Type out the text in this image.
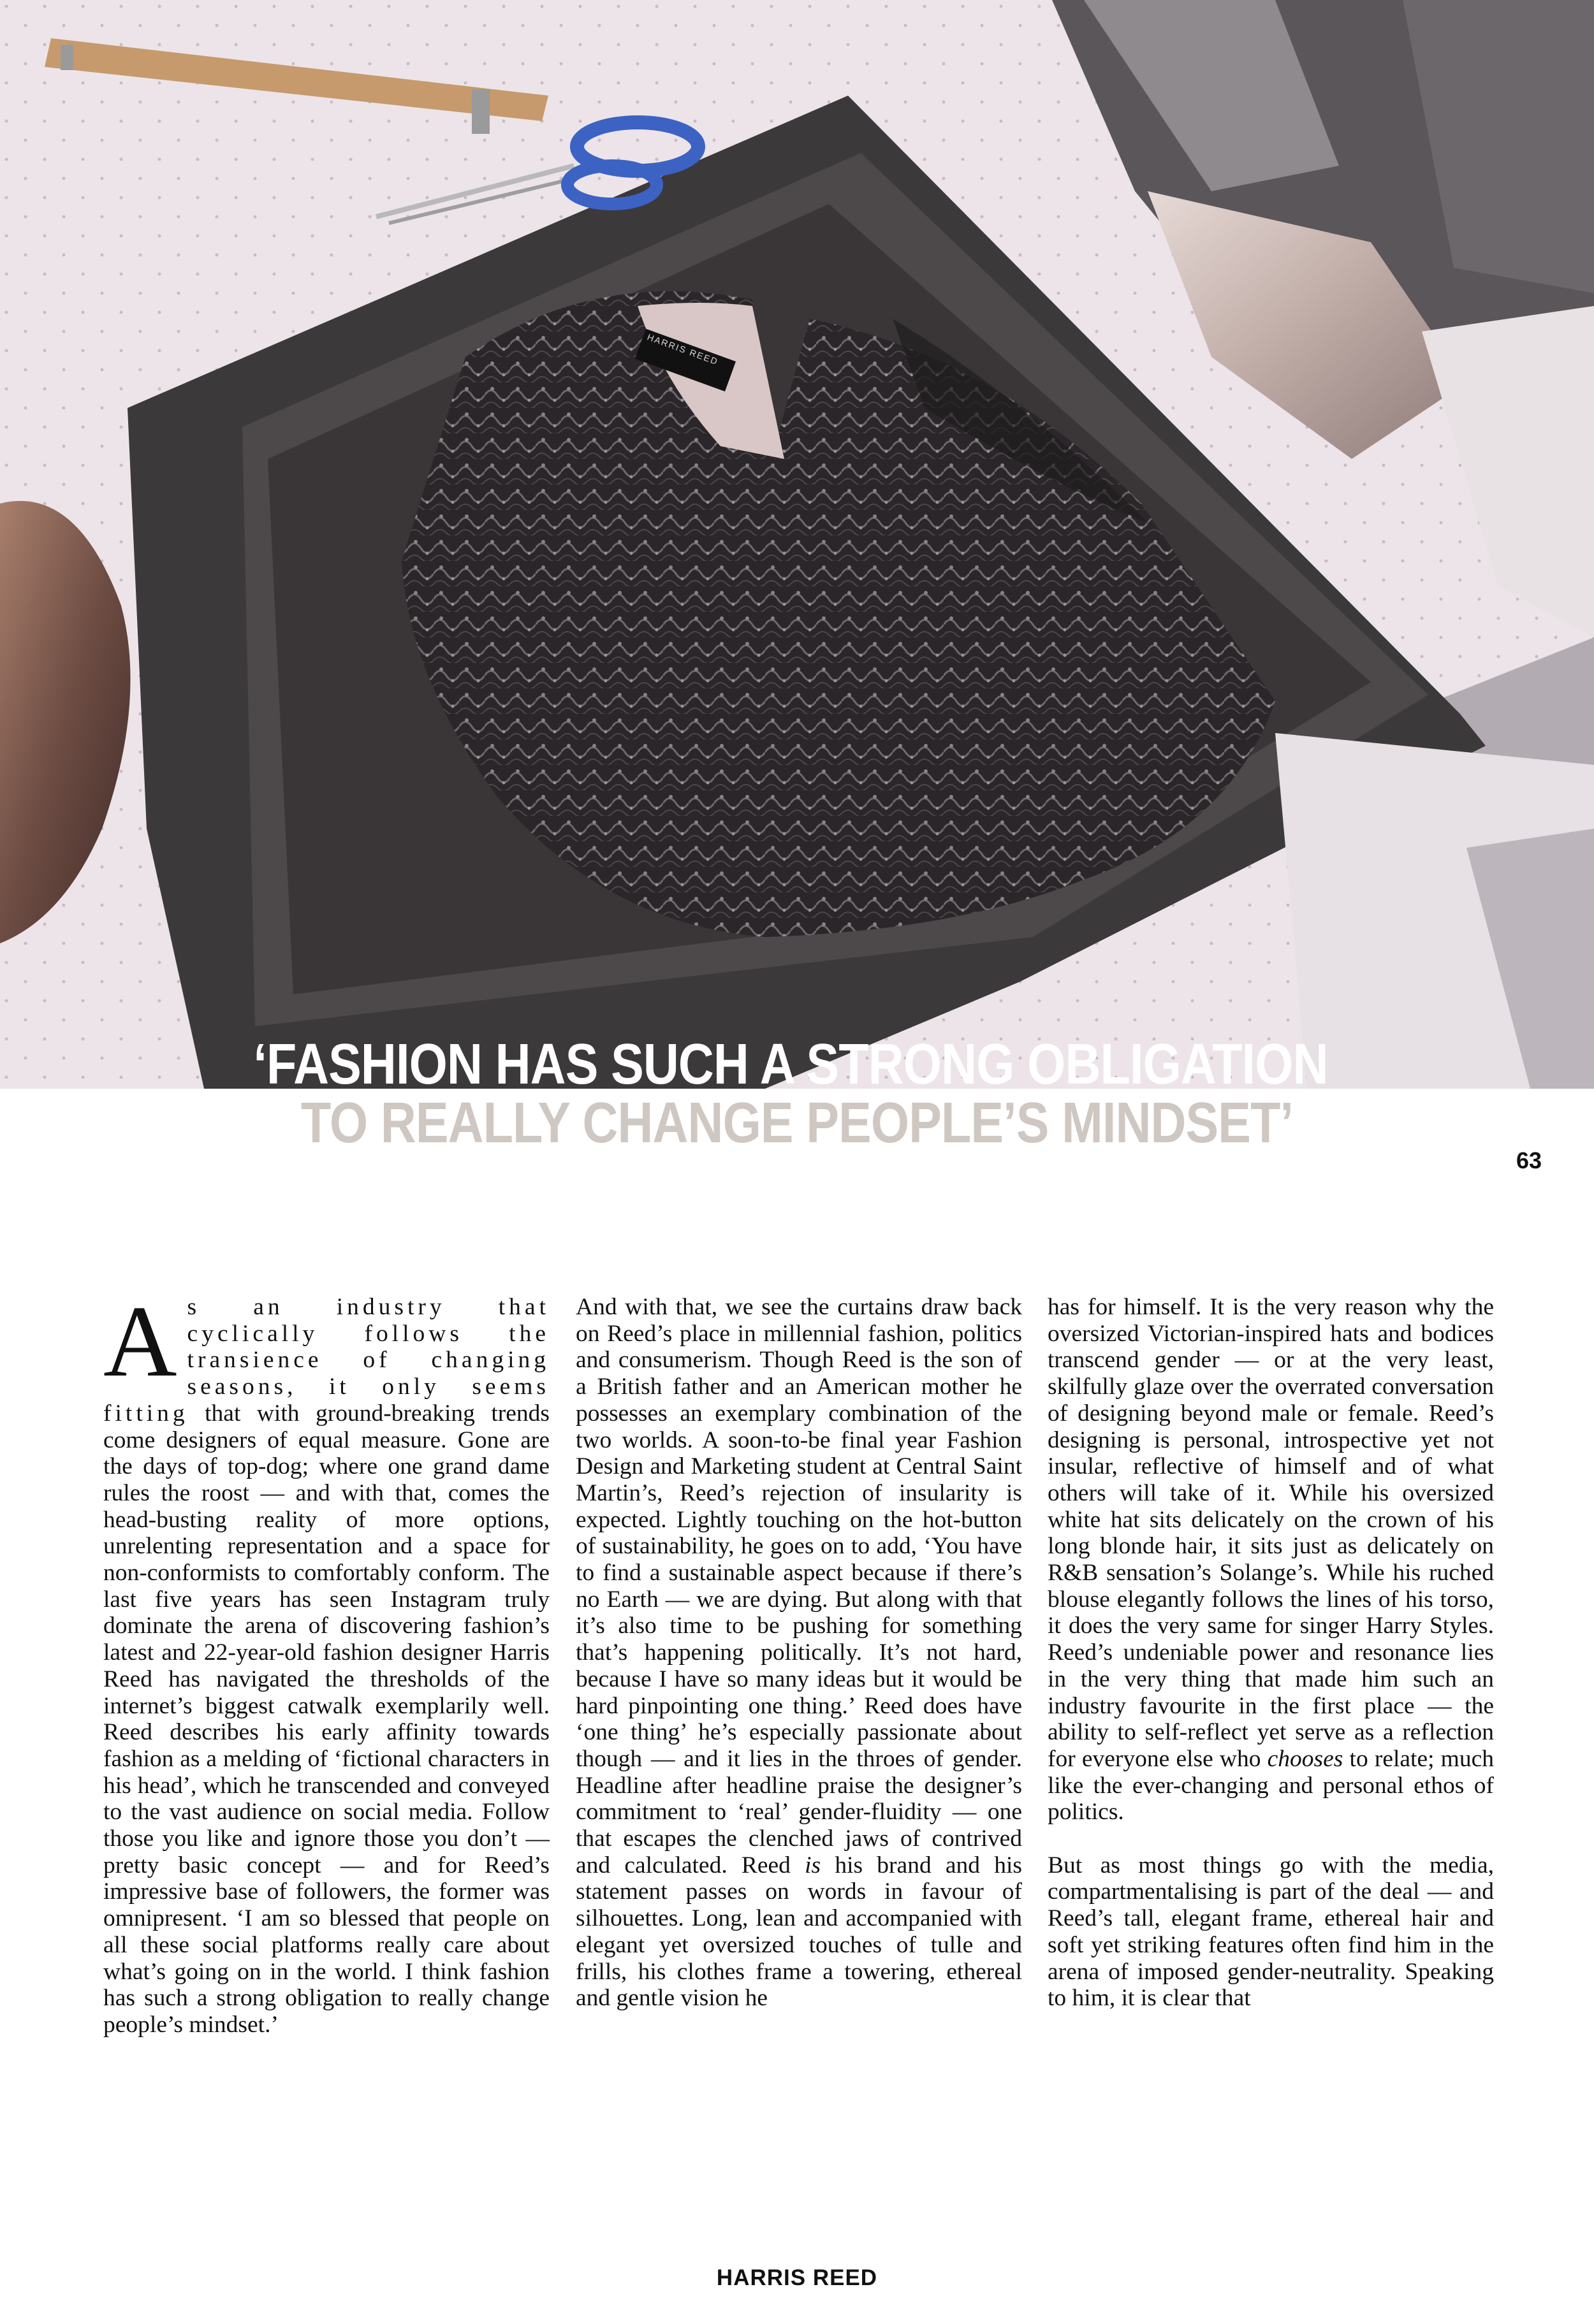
HARRIS REED
‘FASHION HAS SUCH A STRONG OBLIGATION
TO REALLY CHANGE PEOPLE’S MINDSET’
63

As an industry that cyclically follows the transience of changing seasons, it only seems fitting that with ground-breaking trends come designers of equal measure. Gone are the days of top-dog; where one grand dame rules the roost — and with that, comes the head-busting reality of more options, unrelenting representation and a space for non-conformists to comfortably conform. The last five years has seen Instagram truly dominate the arena of discovering fashion’s latest and 22-year-old fashion designer Harris Reed has navigated the thresholds of the internet’s biggest catwalk exemplarily well. Reed describes his early affinity towards fashion as a melding of ‘fictional characters in his head’, which he transcended and conveyed to the vast audience on social media. Follow those you like and ignore those you don’t — pretty basic concept — and for Reed’s impressive base of followers, the former was omnipresent. ‘I am so blessed that people on all these social platforms really care about what’s going on in the world. I think fashion has such a strong obligation to really change people’s mindset.’

And with that, we see the curtains draw back on Reed’s place in millennial fashion, politics and consumerism. Though Reed is the son of a British father and an American mother he possesses an exemplary combination of the two worlds. A soon-to-be final year Fashion Design and Marketing student at Central Saint Martin’s, Reed’s rejection of insularity is expected. Lightly touching on the hot-button of sustainability, he goes on to add, ‘You have to find a sustainable aspect because if there’s no Earth — we are dying. But along with that it’s also time to be pushing for something that’s happening politically. It’s not hard, because I have so many ideas but it would be hard pinpointing one thing.’ Reed does have ‘one thing’ he’s especially passionate about though — and it lies in the throes of gender. Headline after headline praise the designer’s commitment to ‘real’ gender-fluidity — one that escapes the clenched jaws of contrived and calculated. Reed is his brand and his statement passes on words in favour of silhouettes. Long, lean and accompanied with elegant yet oversized touches of tulle and frills, his clothes frame a towering, ethereal and gentle vision he

has for himself. It is the very reason why the oversized Victorian-inspired hats and bodices transcend gender — or at the very least, skilfully glaze over the overrated conversation of designing beyond male or female. Reed’s designing is personal, introspective yet not insular, reflective of himself and of what others will take of it. While his oversized white hat sits delicately on the crown of his long blonde hair, it sits just as delicately on R&B sensation’s Solange’s. While his ruched blouse elegantly follows the lines of his torso, it does the very same for singer Harry Styles. Reed’s undeniable power and resonance lies in the very thing that made him such an industry favourite in the first place — the ability to self-reflect yet serve as a reflection for everyone else who chooses to relate; much like the ever-changing and personal ethos of politics.

But as most things go with the media, compartmentalising is part of the deal — and Reed’s tall, elegant frame, ethereal hair and soft yet striking features often find him in the arena of imposed gender-neutrality. Speaking to him, it is clear that

HARRIS REED
